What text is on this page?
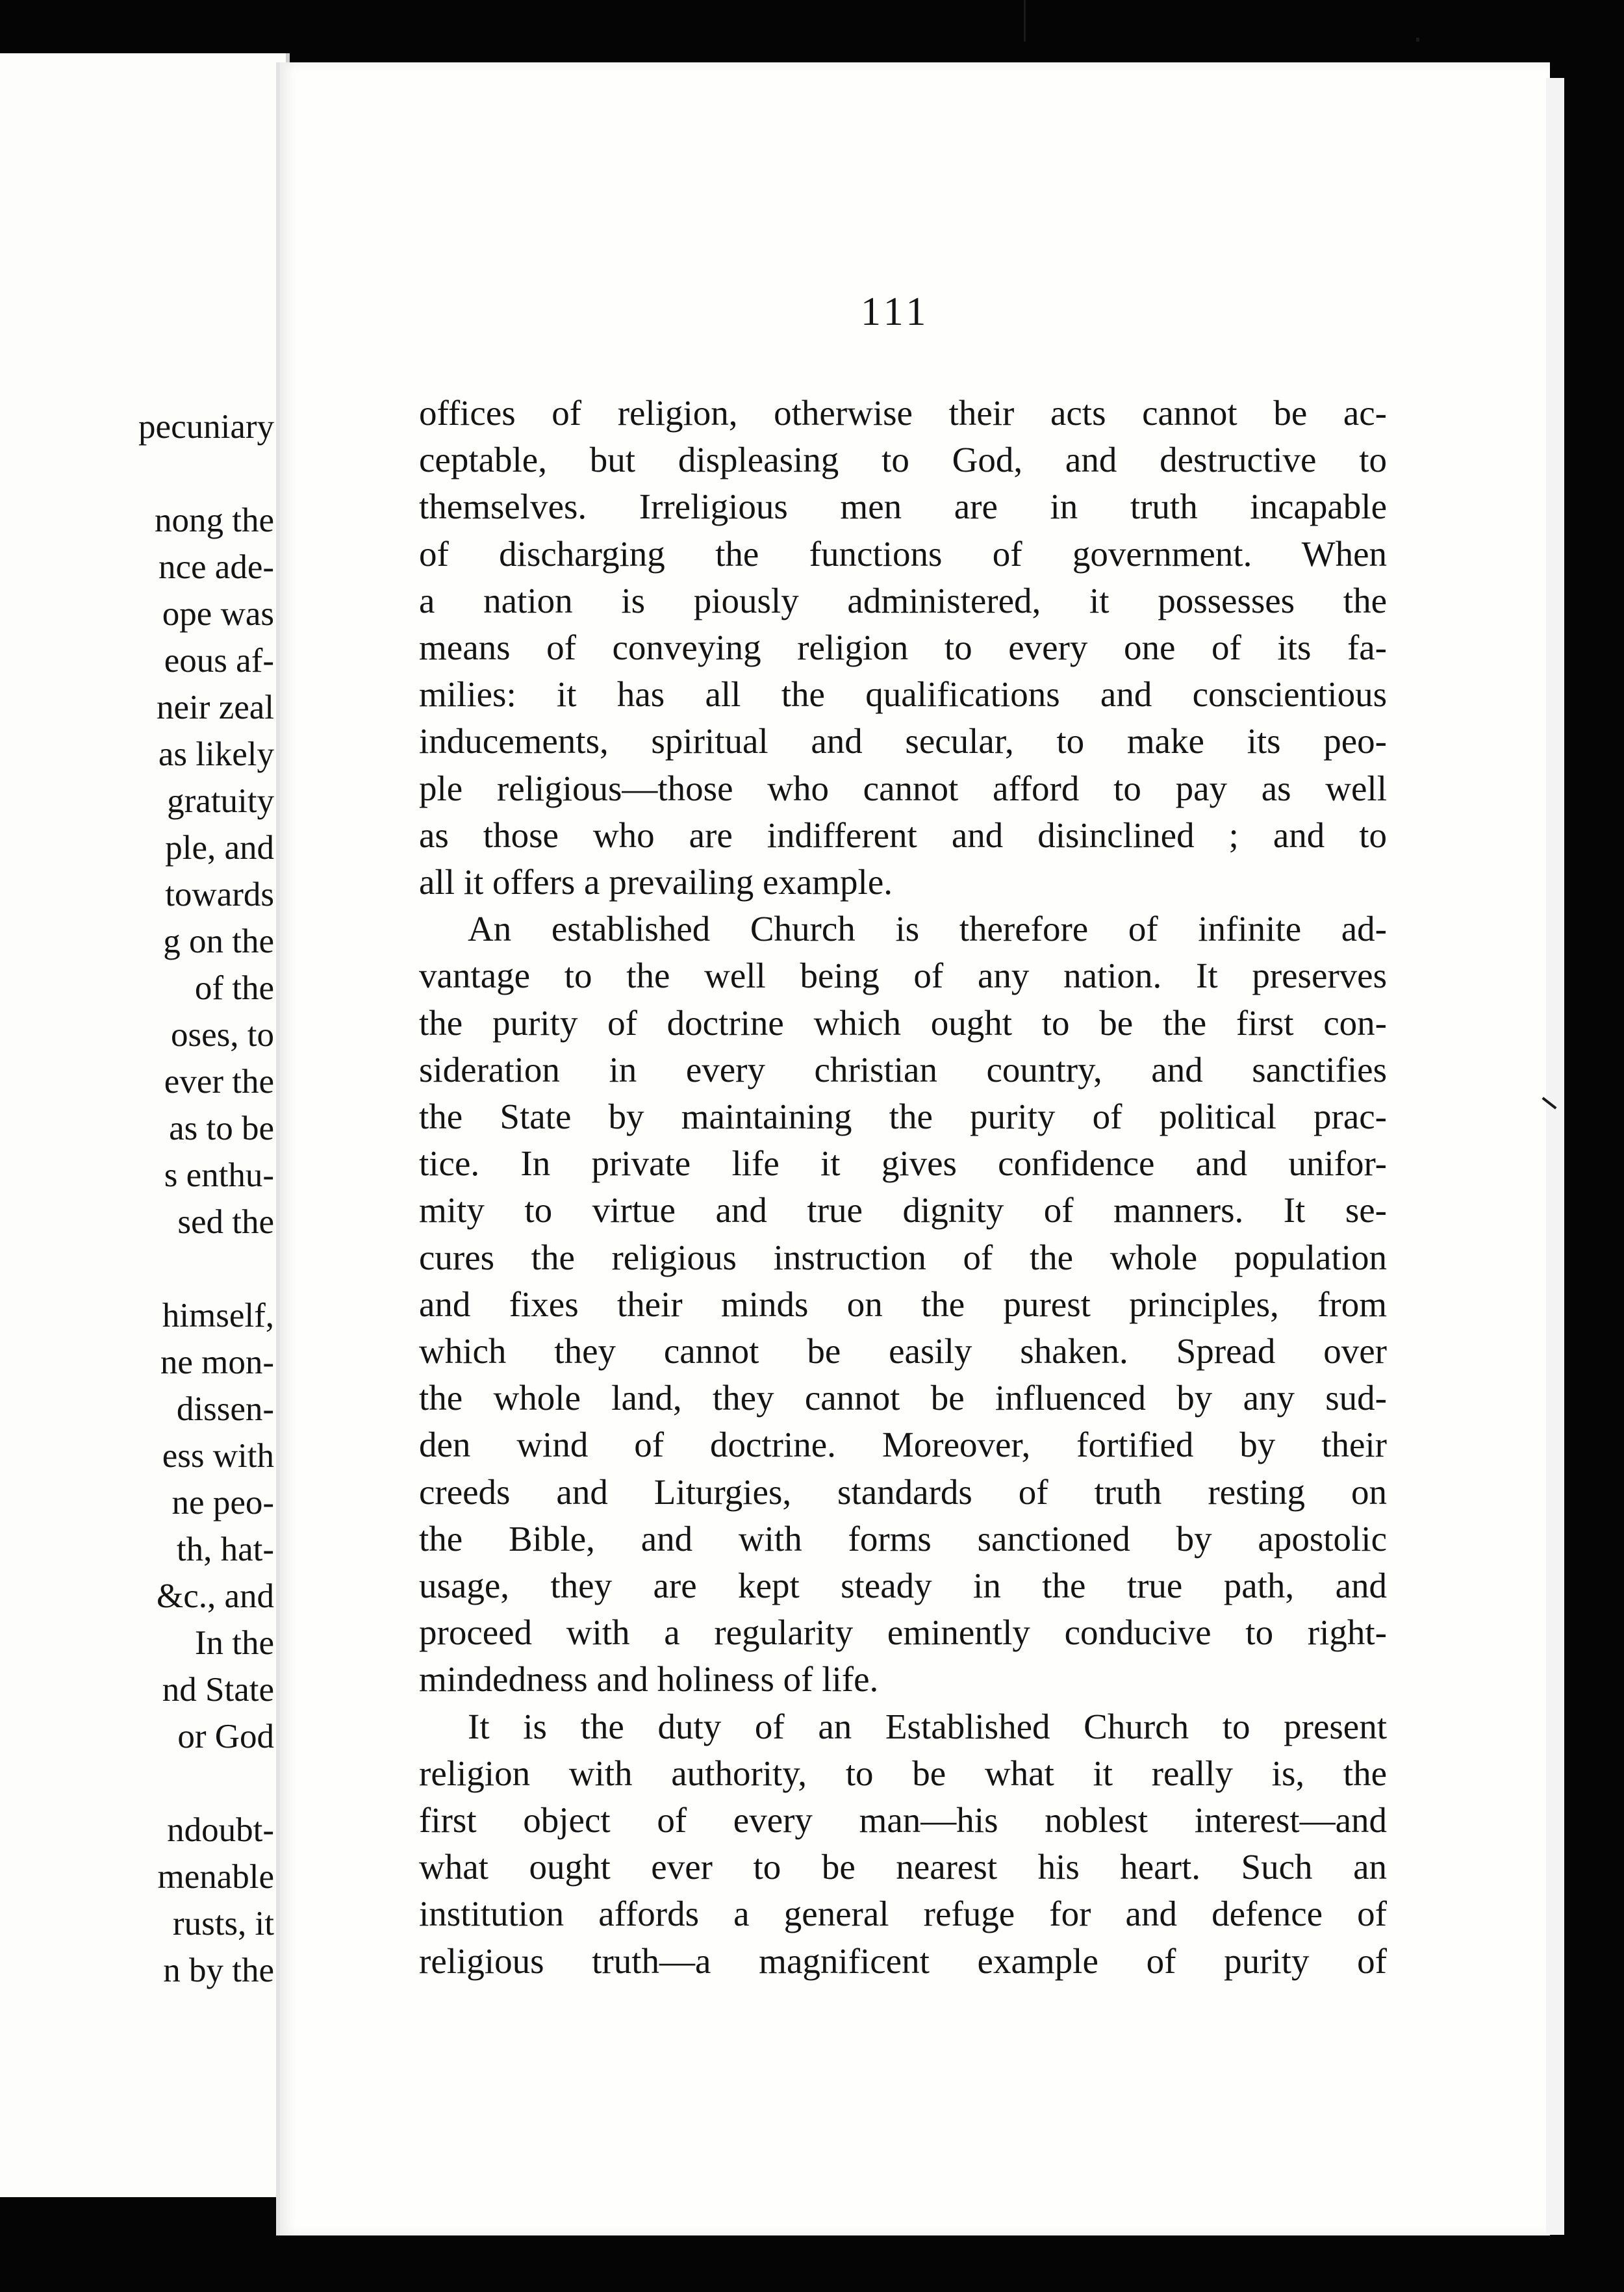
pecuniary
nong the
nce ade-
ope was
eous af-
neir zeal
as likely
gratuity
ple, and
towards
g on the
of the
oses, to
ever the
as to be
s enthu-
sed the
himself,
ne mon-
dissen-
ess with
ne peo-
th, hat-
&c., and
In the
nd State
or God
ndoubt-
menable
rusts, it
n by the
111
offices of religion, otherwise their acts cannot be ac-
ceptable, but displeasing to God, and destructive to
themselves. Irreligious men are in truth incapable
of discharging the functions of government. When
a nation is piously administered, it possesses the
means of conveying religion to every one of its fa-
milies: it has all the qualifications and conscientious
inducements, spiritual and secular, to make its peo-
ple religious—those who cannot afford to pay as well
as those who are indifferent and disinclined ; and to
all it offers a prevailing example.
An established Church is therefore of infinite ad-
vantage to the well being of any nation. It preserves
the purity of doctrine which ought to be the first con-
sideration in every christian country, and sanctifies
the State by maintaining the purity of political prac-
tice. In private life it gives confidence and unifor-
mity to virtue and true dignity of manners. It se-
cures the religious instruction of the whole population
and fixes their minds on the purest principles, from
which they cannot be easily shaken. Spread over
the whole land, they cannot be influenced by any sud-
den wind of doctrine. Moreover, fortified by their
creeds and Liturgies, standards of truth resting on
the Bible, and with forms sanctioned by apostolic
usage, they are kept steady in the true path, and
proceed with a regularity eminently conducive to right-
mindedness and holiness of life.
It is the duty of an Established Church to present
religion with authority, to be what it really is, the
first object of every man—his noblest interest—and
what ought ever to be nearest his heart. Such an
institution affords a general refuge for and defence of
religious truth—a magnificent example of purity of
